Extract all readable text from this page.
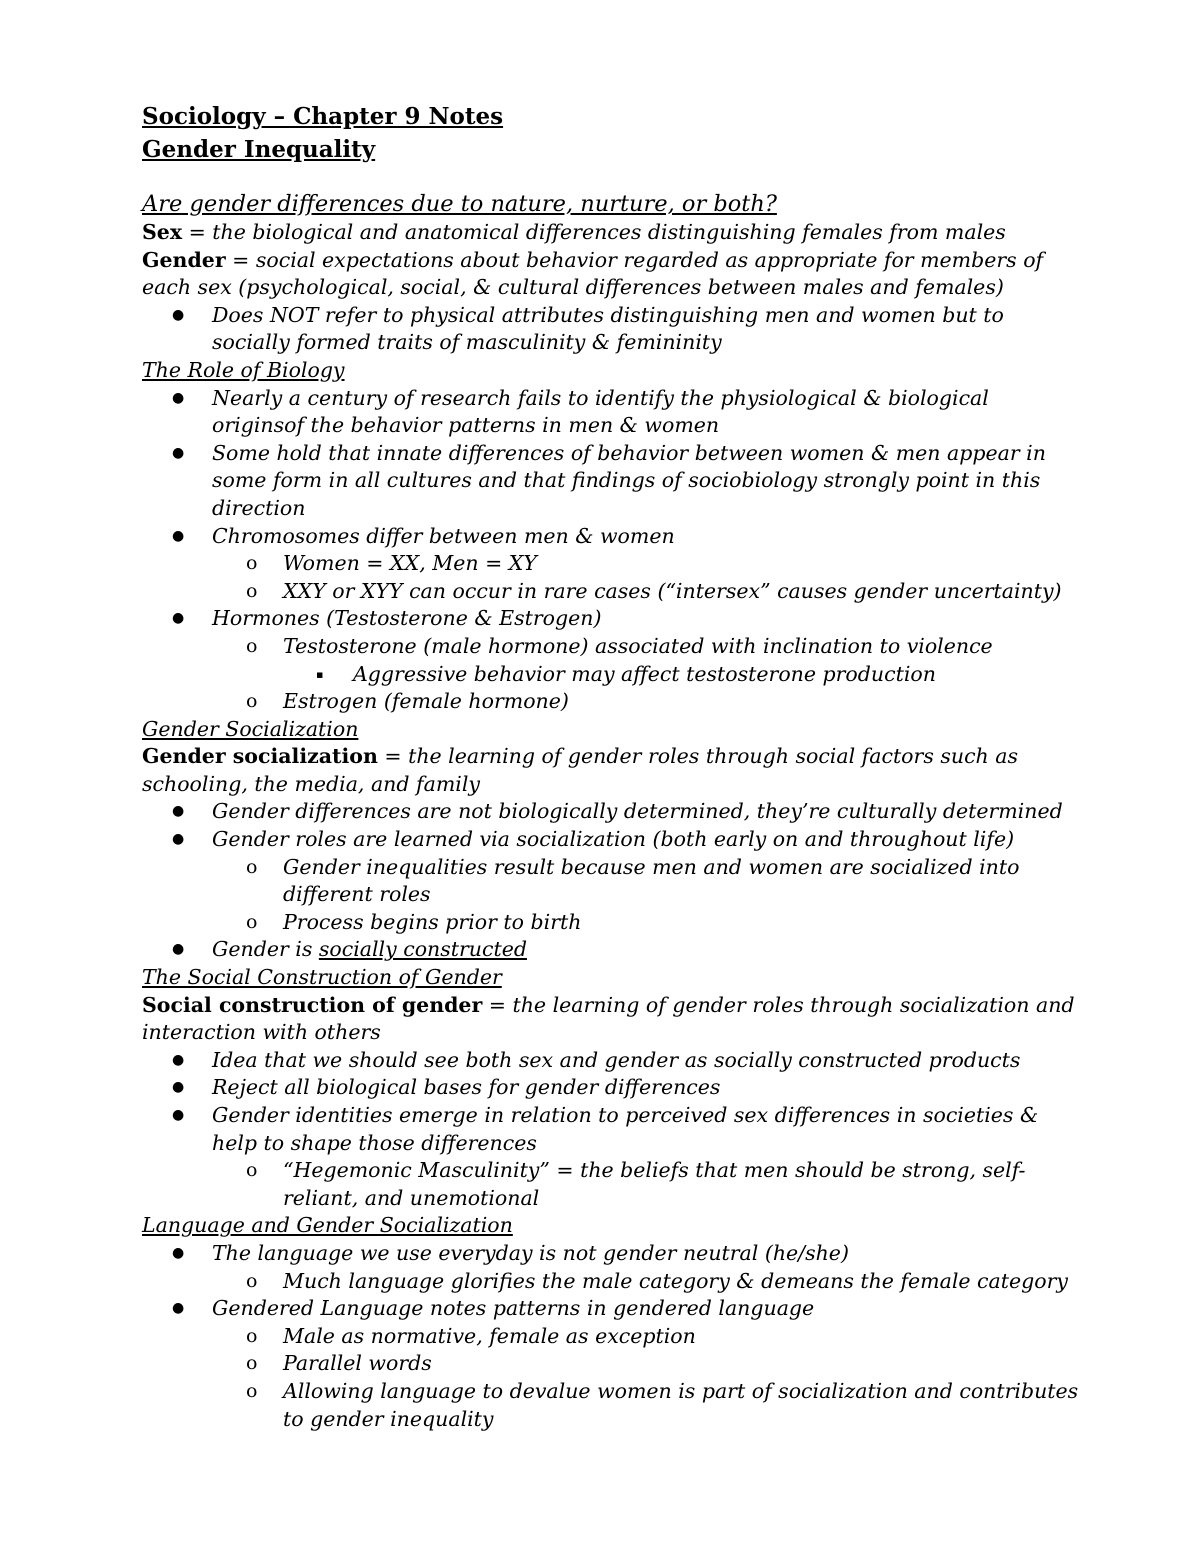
Sociology – Chapter 9 Notes

Gender Inequality

Are gender differences due to nature, nurture, or both?

Sex = the biological and anatomical differences distinguishing females from males

Gender = social expectations about behavior regarded as appropriate for members of each sex (psychological, social, & cultural differences between males and females)

● Does NOT refer to physical attributes distinguishing men and women but to socially formed traits of masculinity & femininity

The Role of Biology

● Nearly a century of research fails to identify the physiological & biological originsof the behavior patterns in men & women
● Some hold that innate differences of behavior between women & men appear in some form in all cultures and that findings of sociobiology strongly point in this direction
● Chromosomes differ between men & women
o Women = XX, Men = XY
o XXY or XYY can occur in rare cases (“intersex” causes gender uncertainty)
● Hormones (Testosterone & Estrogen)
o Testosterone (male hormone) associated with inclination to violence
▪ Aggressive behavior may affect testosterone production
o Estrogen (female hormone)

Gender Socialization

Gender socialization = the learning of gender roles through social factors such as schooling, the media, and family

● Gender differences are not biologically determined, they’re culturally determined
● Gender roles are learned via socialization (both early on and throughout life)
o Gender inequalities result because men and women are socialized into different roles
o Process begins prior to birth
● Gender is socially constructed

The Social Construction of Gender

Social construction of gender = the learning of gender roles through socialization and interaction with others

● Idea that we should see both sex and gender as socially constructed products
● Reject all biological bases for gender differences
● Gender identities emerge in relation to perceived sex differences in societies & help to shape those differences
o “Hegemonic Masculinity” = the beliefs that men should be strong, self-reliant, and unemotional

Language and Gender Socialization

● The language we use everyday is not gender neutral (he/she)
o Much language glorifies the male category & demeans the female category
● Gendered Language notes patterns in gendered language
o Male as normative, female as exception
o Parallel words
o Allowing language to devalue women is part of socialization and contributes to gender inequality
